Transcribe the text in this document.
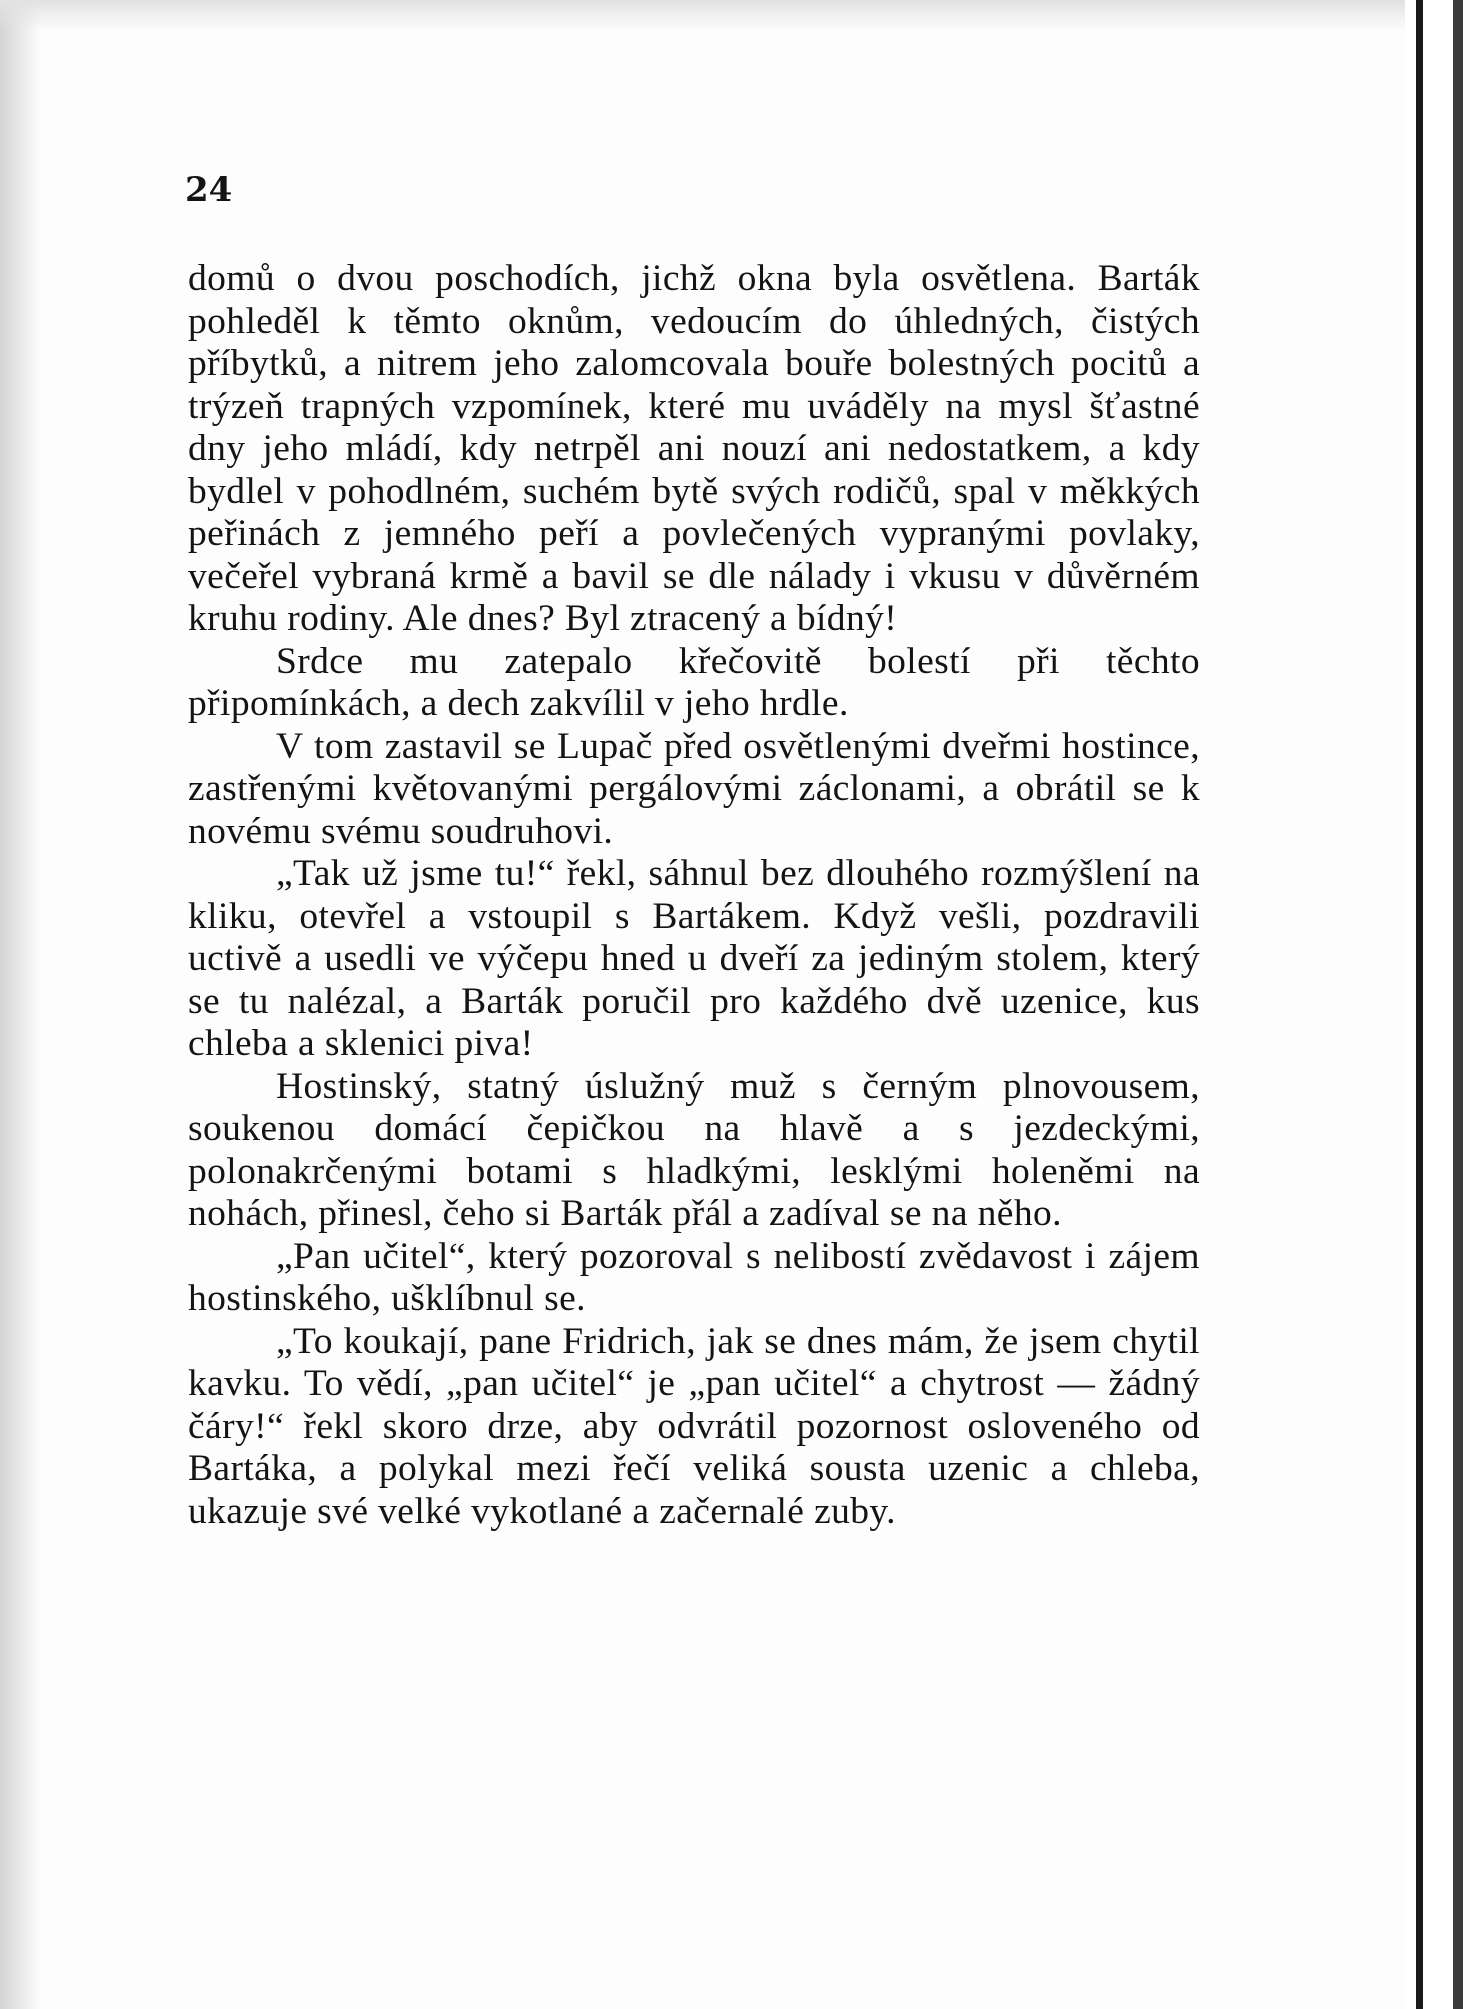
24

domů o dvou poschodích, jichž okna byla osvětlena. Barták pohleděl k těmto oknům, vedoucím do úhledných, čistých příbytků, a nitrem jeho zalomcovala bouře bolestných pocitů a trýzeň trapných vzpomínek, které mu uváděly na mysl šťastné dny jeho mládí, kdy netrpěl ani nouzí ani nedostatkem, a kdy bydlel v pohodlném, suchém bytě svých rodičů, spal v měkkých peřinách z jemného peří a povlečených vypranými povlaky, večeřel vybraná krmě a bavil se dle nálady i vkusu v důvěrném kruhu rodiny. Ale dnes? Byl ztracený a bídný!

Srdce mu zatepalo křečovitě bolestí při těchto připomínkách, a dech zakvílil v jeho hrdle.

V tom zastavil se Lupač před osvětlenými dveřmi hostince, zastřenými květovanými pergálovými záclonami, a obrátil se k novému svému soudruhovi.

„Tak už jsme tu!“ řekl, sáhnul bez dlouhého rozmýšlení na kliku, otevřel a vstoupil s Bartákem. Když vešli, pozdravili uctivě a usedli ve výčepu hned u dveří za jediným stolem, který se tu nalézal, a Barták poručil pro každého dvě uzenice, kus chleba a sklenici piva!

Hostinský, statný úslužný muž s černým plnovousem, soukenou domácí čepičkou na hlavě a s jezdeckými, polonakrčenými botami s hladkými, lesklými holeněmi na nohách, přinesl, čeho si Barták přál a zadíval se na něho.

„Pan učitel“, který pozoroval s nelibostí zvědavost i zájem hostinského, ušklíbnul se.

„To koukají, pane Fridrich, jak se dnes mám, že jsem chytil kavku. To vědí, „pan učitel“ je „pan učitel“ a chytrost — žádný čáry!“ řekl skoro drze, aby odvrátil pozornost osloveného od Bartáka, a polykal mezi řečí veliká sousta uzenic a chleba, ukazuje své velké vykotlané a začernalé zuby.
